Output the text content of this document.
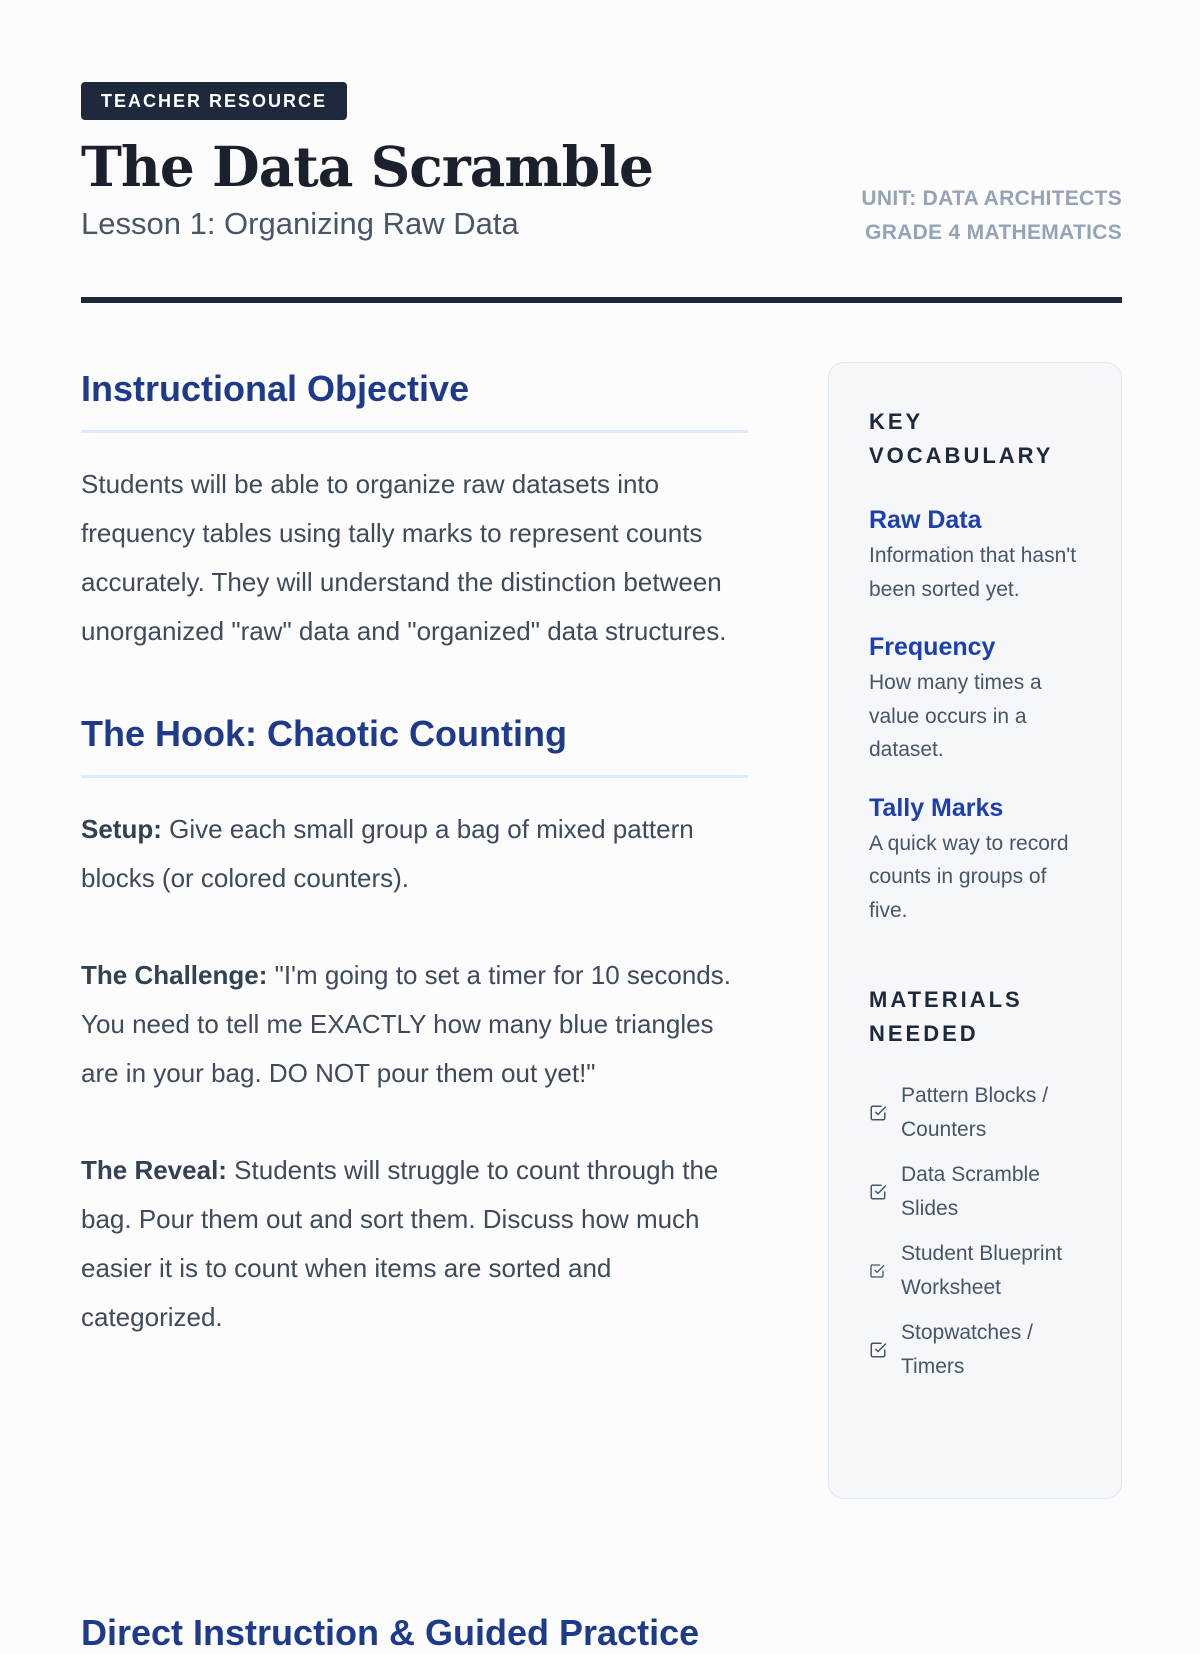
TEACHER RESOURCE
The Data Scramble
Lesson 1: Organizing Raw Data
UNIT: DATA ARCHITECTS
GRADE 4 MATHEMATICS
Instructional Objective

Students will be able to organize raw datasets into frequency tables using tally marks to represent counts accurately. They will understand the distinction between unorganized "raw" data and "organized" data structures.

The Hook: Chaotic Counting

Setup: Give each small group a bag of mixed pattern blocks (or colored counters).

The Challenge: "I'm going to set a timer for 10 seconds. You need to tell me EXACTLY how many blue triangles are in your bag. DO NOT pour them out yet!"

The Reveal: Students will struggle to count through the bag. Pour them out and sort them. Discuss how much easier it is to count when items are sorted and categorized.

Direct Instruction & Guided Practice
KEY VOCABULARY
Raw Data

Information that hasn't been sorted yet.

Frequency

How many times a value occurs in a dataset.

Tally Marks

A quick way to record counts in groups of five.

MATERIALS NEEDED
Pattern Blocks / Counters
Data Scramble Slides
Student Blueprint Worksheet
Stopwatches / Timers
